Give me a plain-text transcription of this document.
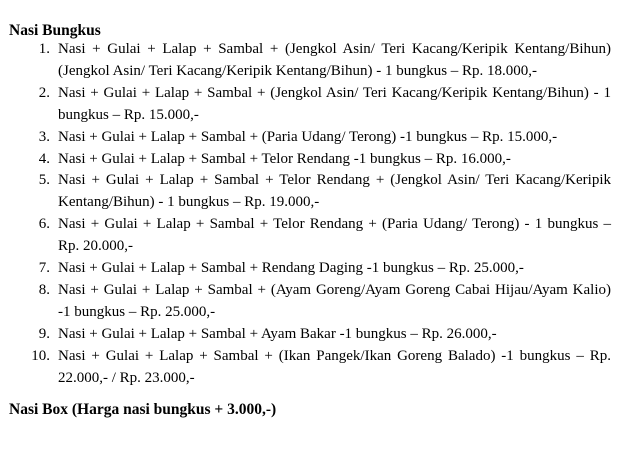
Nasi Bungkus
1. Nasi + Gulai + Lalap + Sambal + (Jengkol Asin/ Teri Kacang/Keripik Kentang/Bihun) (Jengkol Asin/ Teri Kacang/Keripik Kentang/Bihun) - 1 bungkus – Rp. 18.000,-
2. Nasi + Gulai + Lalap + Sambal + (Jengkol Asin/ Teri Kacang/Keripik Kentang/Bihun) - 1 bungkus – Rp. 15.000,-
3. Nasi + Gulai + Lalap + Sambal + (Paria Udang/ Terong) -1 bungkus – Rp. 15.000,-
4. Nasi + Gulai + Lalap + Sambal + Telor Rendang -1 bungkus – Rp. 16.000,-
5. Nasi + Gulai + Lalap + Sambal + Telor Rendang + (Jengkol Asin/ Teri Kacang/Keripik Kentang/Bihun) - 1 bungkus – Rp. 19.000,-
6. Nasi + Gulai + Lalap + Sambal + Telor Rendang + (Paria Udang/ Terong) - 1 bungkus – Rp. 20.000,-
7. Nasi + Gulai + Lalap + Sambal + Rendang Daging -1 bungkus – Rp. 25.000,-
8. Nasi + Gulai + Lalap + Sambal + (Ayam Goreng/Ayam Goreng Cabai Hijau/Ayam Kalio) -1 bungkus – Rp. 25.000,-
9. Nasi + Gulai + Lalap + Sambal + Ayam Bakar -1 bungkus – Rp. 26.000,-
10. Nasi + Gulai + Lalap + Sambal + (Ikan Pangek/Ikan Goreng Balado) -1 bungkus – Rp. 22.000,- / Rp. 23.000,-
Nasi Box (Harga nasi bungkus + 3.000,-)
